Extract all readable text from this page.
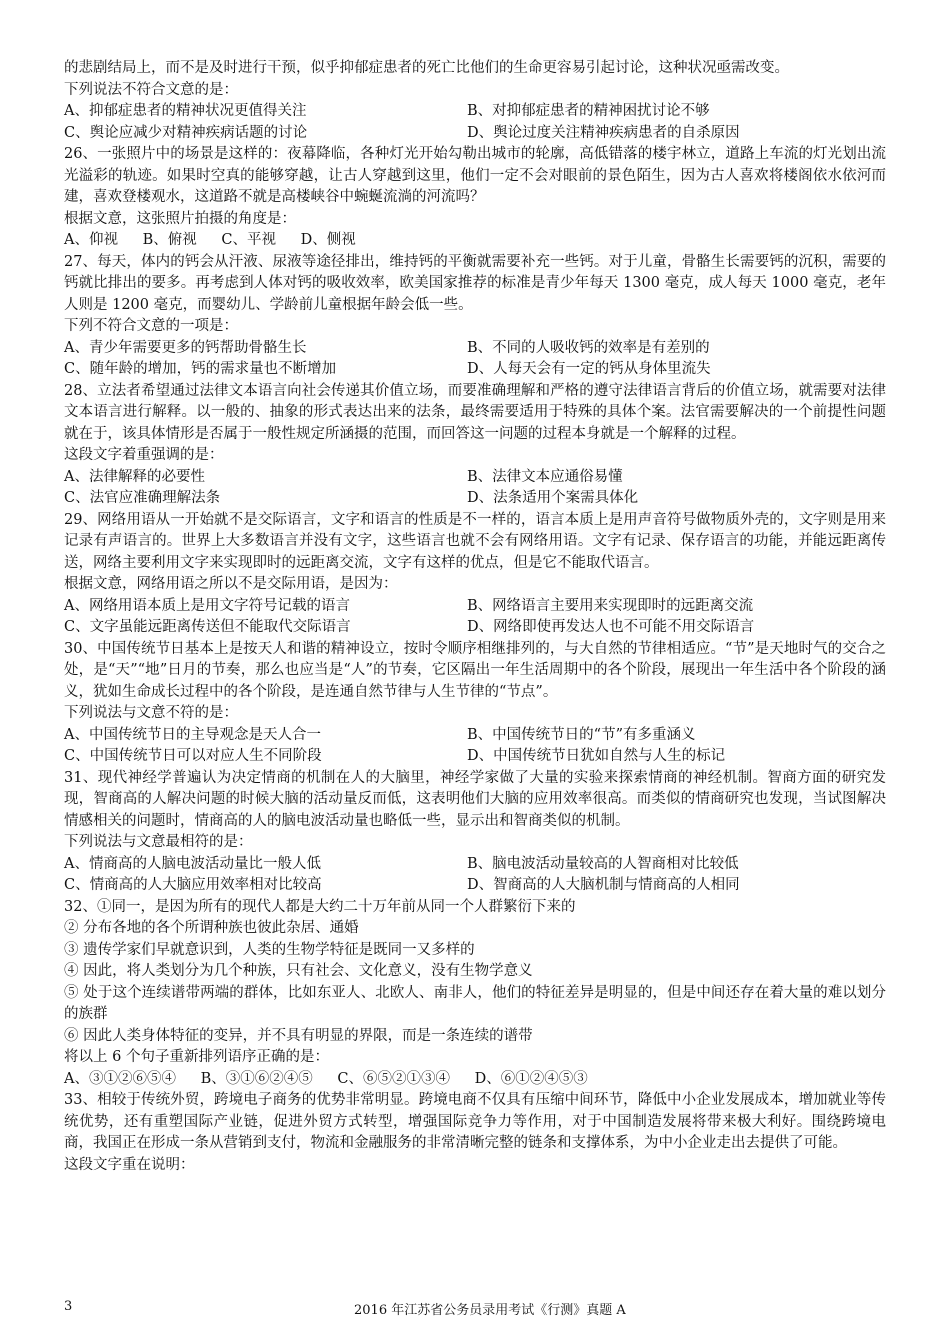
的悲剧结局上，而不是及时进行干预，似乎抑郁症患者的死亡比他们的生命更容易引起讨论，这种状况亟需改变。
下列说法不符合文意的是：
A、抑郁症患者的精神状况更值得关注	B、对抑郁症患者的精神困扰讨论不够
C、舆论应减少对精神疾病话题的讨论	D、舆论过度关注精神疾病患者的自杀原因
26、一张照片中的场景是这样的：夜幕降临，各种灯光开始勾勒出城市的轮廓，高低错落的楼宇林立，道路上车流的灯光划出流光溢彩的轨迹。如果时空真的能够穿越，让古人穿越到这里，他们一定不会对眼前的景色陌生，因为古人喜欢将楼阁依水依河而建，喜欢登楼观水，这道路不就是高楼峡谷中蜿蜒流淌的河流吗？
根据文意，这张照片拍摄的角度是：
A、仰视 B、俯视 C、平视 D、侧视
27、每天，体内的钙会从汗液、尿液等途径排出，维持钙的平衡就需要补充一些钙。对于儿童，骨骼生长需要钙的沉积，需要的钙就比排出的要多。再考虑到人体对钙的吸收效率，欧美国家推荐的标准是青少年每天 1300 毫克，成人每天 1000 毫克，老年人则是 1200 毫克，而婴幼儿、学龄前儿童根据年龄会低一些。
下列不符合文意的一项是：
A、青少年需要更多的钙帮助骨骼生长	B、不同的人吸收钙的效率是有差别的
C、随年龄的增加，钙的需求量也不断增加	D、人每天会有一定的钙从身体里流失
28、立法者希望通过法律文本语言向社会传递其价值立场，而要准确理解和严格的遵守法律语言背后的价值立场，就需要对法律文本语言进行解释。以一般的、抽象的形式表达出来的法条，最终需要适用于特殊的具体个案。法官需要解决的一个前提性问题就在于，该具体情形是否属于一般性规定所涵摄的范围，而回答这一问题的过程本身就是一个解释的过程。
这段文字着重强调的是：
A、法律解释的必要性	B、法律文本应通俗易懂
C、法官应准确理解法条	D、法条适用个案需具体化
29、网络用语从一开始就不是交际语言，文字和语言的性质是不一样的，语言本质上是用声音符号做物质外壳的，文字则是用来记录有声语言的。世界上大多数语言并没有文字，这些语言也就不会有网络用语。文字有记录、保存语言的功能，并能远距离传送，网络主要利用文字来实现即时的远距离交流，文字有这样的优点，但是它不能取代语言。
根据文意，网络用语之所以不是交际用语，是因为：
A、网络用语本质上是用文字符号记载的语言	B、网络语言主要用来实现即时的远距离交流
C、文字虽能远距离传送但不能取代交际语言	D、网络即使再发达人也不可能不用交际语言
30、中国传统节日基本上是按天人和谐的精神设立，按时令顺序相继排列的，与大自然的节律相适应。“节”是天地时气的交合之处，是“天”“地”日月的节奏，那么也应当是“人”的节奏，它区隔出一年生活周期中的各个阶段，展现出一年生活中各个阶段的涵义，犹如生命成长过程中的各个阶段，是连通自然节律与人生节律的“节点”。
下列说法与文意不符的是：
A、中国传统节日的主导观念是天人合一	B、中国传统节日的“节”有多重涵义
C、中国传统节日可以对应人生不同阶段	D、中国传统节日犹如自然与人生的标记
31、现代神经学普遍认为决定情商的机制在人的大脑里，神经学家做了大量的实验来探索情商的神经机制。智商方面的研究发现，智商高的人解决问题的时候大脑的活动量反而低，这表明他们大脑的应用效率很高。而类似的情商研究也发现，当试图解决情感相关的问题时，情商高的人的脑电波活动量也略低一些，显示出和智商类似的机制。
下列说法与文意最相符的是：
A、情商高的人脑电波活动量比一般人低	B、脑电波活动量较高的人智商相对比较低
C、情商高的人大脑应用效率相对比较高	D、智商高的人大脑机制与情商高的人相同
32、①同一，是因为所有的现代人都是大约二十万年前从同一个人群繁衍下来的
② 分布各地的各个所谓种族也彼此杂居、通婚
③ 遗传学家们早就意识到，人类的生物学特征是既同一又多样的
④ 因此，将人类划分为几个种族，只有社会、文化意义，没有生物学意义
⑤ 处于这个连续谱带两端的群体，比如东亚人、北欧人、南非人，他们的特征差异是明显的，但是中间还存在着大量的难以划分的族群
⑥ 因此人类身体特征的变异，并不具有明显的界限，而是一条连续的谱带
将以上 6 个句子重新排列语序正确的是：
A、③①②⑥⑤④ B、③①⑥②④⑤ C、⑥⑤②①③④ D、⑥①②④⑤③
33、相较于传统外贸，跨境电子商务的优势非常明显。跨境电商不仅具有压缩中间环节，降低中小企业发展成本，增加就业等传统优势，还有重塑国际产业链，促进外贸方式转型，增强国际竞争力等作用，对于中国制造发展将带来极大利好。围绕跨境电商，我国正在形成一条从营销到支付，物流和金融服务的非常清晰完整的链条和支撑体系，为中小企业走出去提供了可能。
这段文字重在说明：
3	2016 年江苏省公务员录用考试《行测》真题 A
